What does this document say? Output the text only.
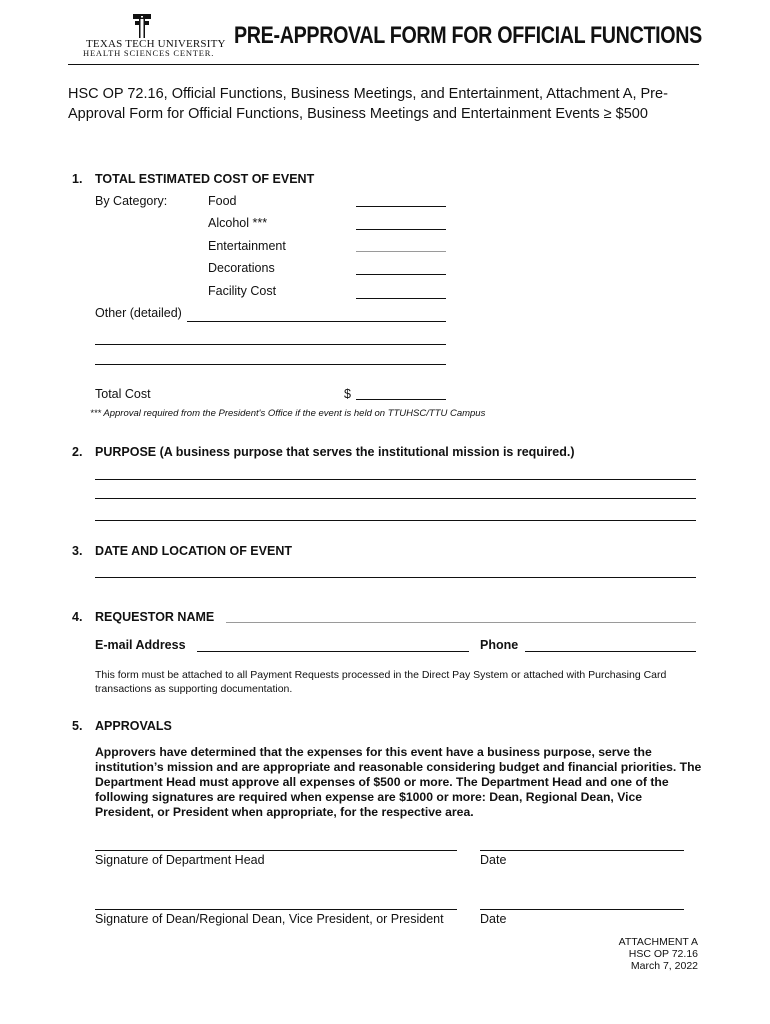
TEXAS TECH UNIVERSITY
HEALTH SCIENCES CENTER.
PRE-APPROVAL FORM FOR OFFICIAL FUNCTIONS
HSC OP 72.16, Official Functions, Business Meetings, and Entertainment, Attachment A, Pre-Approval Form for Official Functions, Business Meetings and Entertainment Events ≥ $500
1. TOTAL ESTIMATED COST OF EVENT
By Category:	Food
Alcohol ***
Entertainment
Decorations
Facility Cost
Other (detailed)
Total Cost	$
*** Approval required from the President's Office if the event is held on TTUHSC/TTU Campus
2. PURPOSE (A business purpose that serves the institutional mission is required.)
3. DATE AND LOCATION OF EVENT
4. REQUESTOR NAME
E-mail Address	Phone
This form must be attached to all Payment Requests processed in the Direct Pay System or attached with Purchasing Card transactions as supporting documentation.
5. APPROVALS
Approvers have determined that the expenses for this event have a business purpose, serve the institution’s mission and are appropriate and reasonable considering budget and financial priorities. The Department Head must approve all expenses of $500 or more. The Department Head and one of the following signatures are required when expense are $1000 or more: Dean, Regional Dean, Vice President, or President when appropriate, for the respective area.
Signature of Department Head	Date
Signature of Dean/Regional Dean, Vice President, or President	Date
ATTACHMENT A
HSC OP 72.16
March 7, 2022
